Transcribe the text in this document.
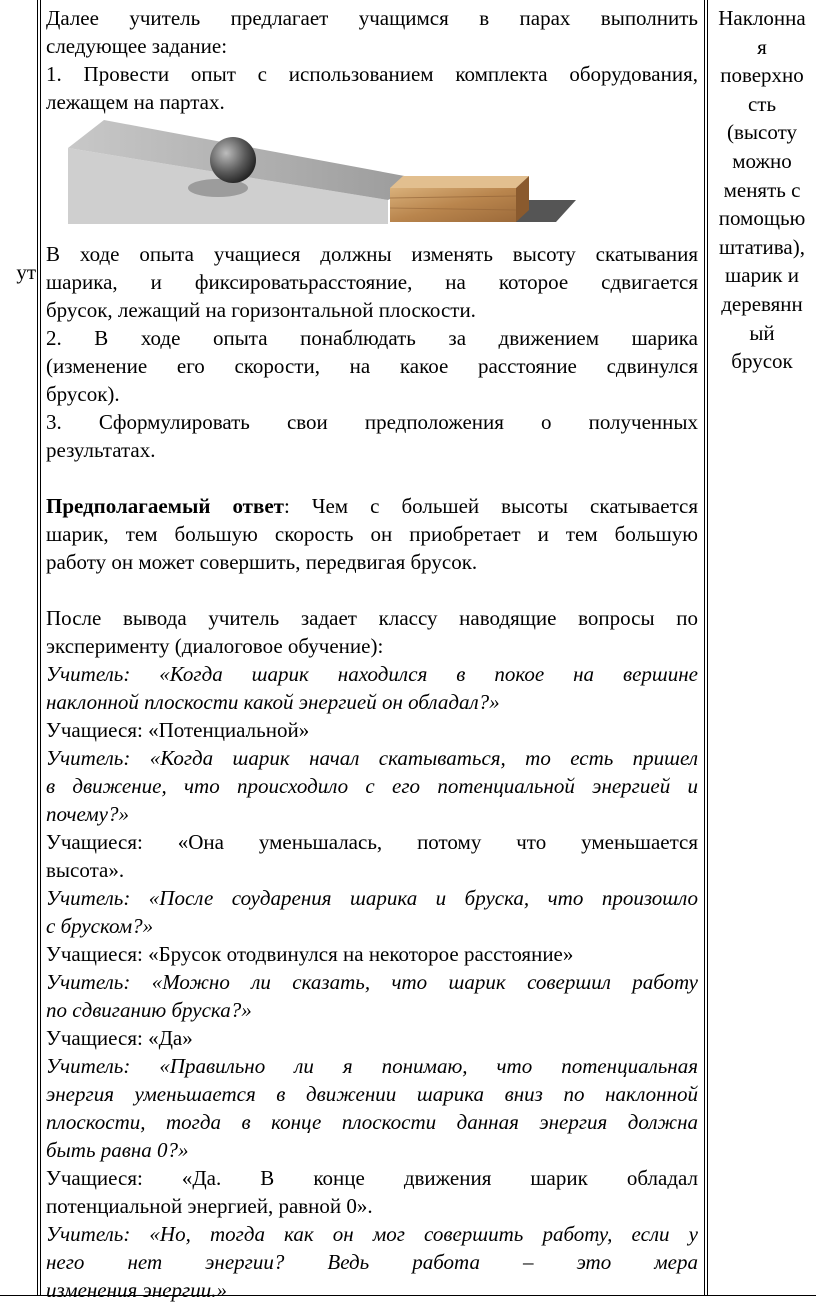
ут

Далее учитель предлагает учащимся в парах выполнить

следующее задание:

1. Провести опыт с использованием комплекта оборудования,

лежащем на партах.

В ходе опыта учащиеся должны изменять высоту скатывания

шарика, и фиксироватьрасстояние, на которое сдвигается

брусок, лежащий на горизонтальной плоскости.

2. В ходе опыта понаблюдать за движением шарика

(изменение его скорости, на какое расстояние сдвинулся

брусок).

3. Сформулировать свои предположения о полученных

результатах.

Предполагаемый ответ: Чем с большей высоты скатывается

шарик, тем большую скорость он приобретает и тем большую

работу он может совершить, передвигая брусок.

После вывода учитель задает классу наводящие вопросы по

эксперименту (диалоговое обучение):

Учитель: «Когда шарик находился в покое на вершине

наклонной плоскости какой энергией он обладал?»

Учащиеся: «Потенциальной»

Учитель: «Когда шарик начал скатываться, то есть пришел

в движение, что происходило с его потенциальной энергией и

почему?»

Учащиеся: «Она уменьшалась, потому что уменьшается

высота».

Учитель: «После соударения шарика и бруска, что произошло

с бруском?»

Учащиеся: «Брусок отодвинулся на некоторое расстояние»

Учитель: «Можно ли сказать, что шарик совершил работу

по сдвиганию бруска?»

Учащиеся: «Да»

Учитель: «Правильно ли я понимаю, что потенциальная

энергия уменьшается в движении шарика вниз по наклонной

плоскости, тогда в конце плоскости данная энергия должна

быть равна 0?»

Учащиеся: «Да. В конце движения шарик обладал

потенциальной энергией, равной 0».

Учитель: «Но, тогда как он мог совершить работу, если у

него нет энергии? Ведь работа – это мера

изменения энергии.»

Наклонна
я
поверхно
сть
(высоту
можно
менять с
помощью
штатива),
шарик и
деревянн
ый
брусок
